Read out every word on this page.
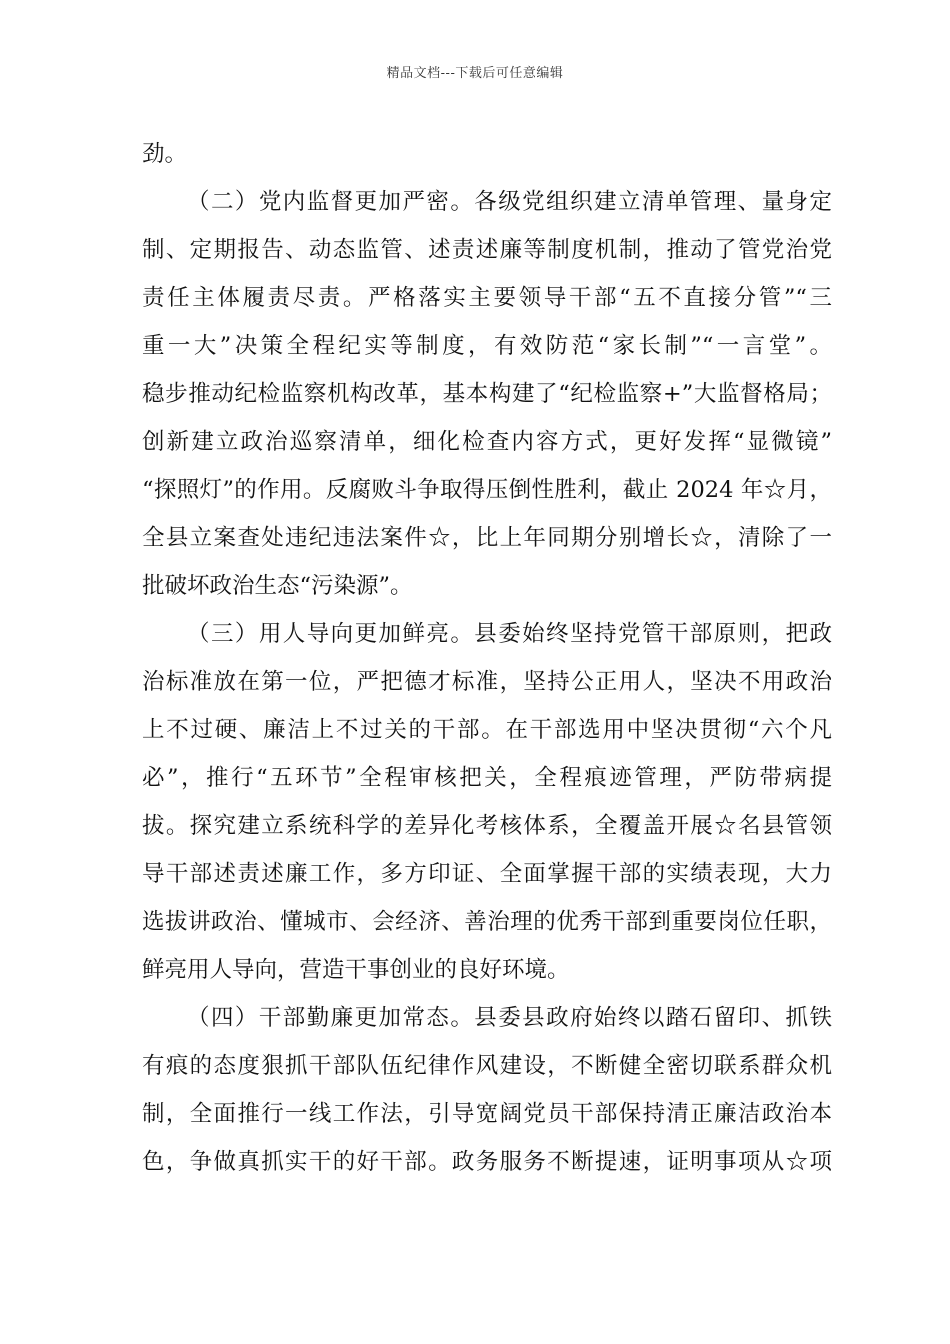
精品文档---下载后可任意编辑
劲。
（二）党内监督更加严密。各级党组织建立清单管理、量身定
制、定期报告、动态监管、述责述廉等制度机制，推动了管党治党
责任主体履责尽责。严格落实主要领导干部“五不直接分管”“三
重一大”决策全程纪实等制度，有效防范“家长制”“一言堂”。
稳步推动纪检监察机构改革，基本构建了“纪检监察+”大监督格局；
创新建立政治巡察清单，细化检查内容方式，更好发挥“显微镜”
“探照灯”的作用。反腐败斗争取得压倒性胜利，截止 2024 年☆月，
全县立案查处违纪违法案件☆，比上年同期分别增长☆，清除了一
批破坏政治生态“污染源”。
（三）用人导向更加鲜亮。县委始终坚持党管干部原则，把政
治标准放在第一位，严把德才标准，坚持公正用人，坚决不用政治
上不过硬、廉洁上不过关的干部。在干部选用中坚决贯彻“六个凡
必”，推行“五环节”全程审核把关，全程痕迹管理，严防带病提
拔。探究建立系统科学的差异化考核体系，全覆盖开展☆名县管领
导干部述责述廉工作，多方印证、全面掌握干部的实绩表现，大力
选拔讲政治、懂城市、会经济、善治理的优秀干部到重要岗位任职，
鲜亮用人导向，营造干事创业的良好环境。
（四）干部勤廉更加常态。县委县政府始终以踏石留印、抓铁
有痕的态度狠抓干部队伍纪律作风建设，不断健全密切联系群众机
制，全面推行一线工作法，引导宽阔党员干部保持清正廉洁政治本
色，争做真抓实干的好干部。政务服务不断提速，证明事项从☆项
